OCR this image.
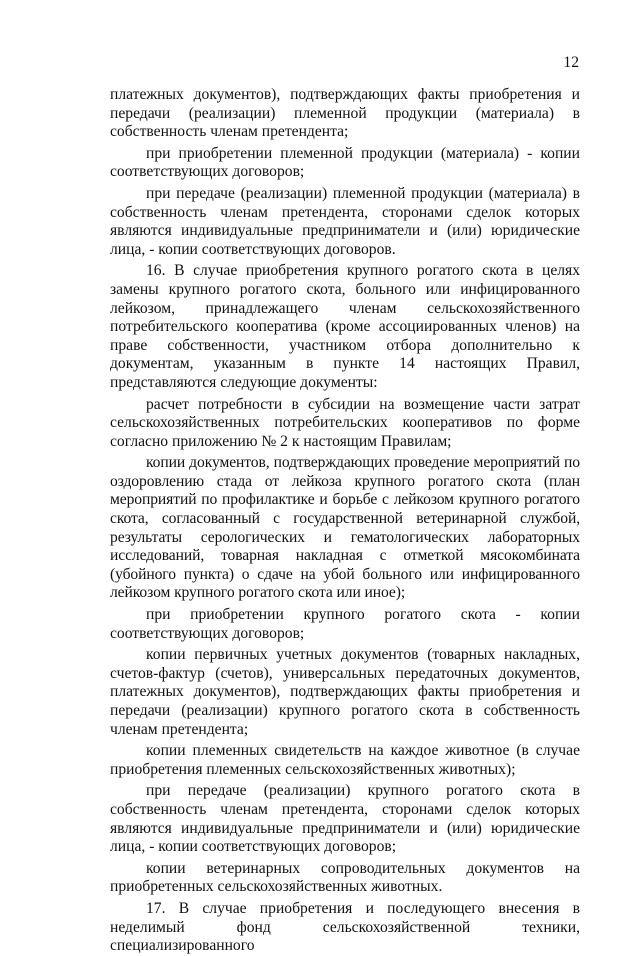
12

платежных документов), подтверждающих факты приобретения и передачи (реализации) племенной продукции (материала) в собственность членам претендента;

при приобретении племенной продукции (материала) - копии соответствующих договоров;

при передаче (реализации) племенной продукции (материала) в собственность членам претендента, сторонами сделок которых являются индивидуальные предприниматели и (или) юридические лица, - копии соответствующих договоров.

16. В случае приобретения крупного рогатого скота в целях замены крупного рогатого скота, больного или инфицированного лейкозом, принадлежащего членам сельскохозяйственного потребительского кооператива (кроме ассоциированных членов) на праве собственности, участником отбора дополнительно к документам, указанным в пункте 14 настоящих Правил, представляются следующие документы:

расчет потребности в субсидии на возмещение части затрат сельскохозяйственных потребительских кооперативов по форме согласно приложению № 2 к настоящим Правилам;

копии документов, подтверждающих проведение мероприятий по оздоровлению стада от лейкоза крупного рогатого скота (план мероприятий по профилактике и борьбе с лейкозом крупного рогатого скота, согласованный с государственной ветеринарной службой, результаты серологических и гематологических лабораторных исследований, товарная накладная с отметкой мясокомбината (убойного пункта) о сдаче на убой больного или инфицированного лейкозом крупного рогатого скота или иное);

при приобретении крупного рогатого скота - копии соответствующих договоров;

копии первичных учетных документов (товарных накладных, счетов-фактур (счетов), универсальных передаточных документов, платежных документов), подтверждающих факты приобретения и передачи (реализации) крупного рогатого скота в собственность членам претендента;

копии племенных свидетельств на каждое животное (в случае приобретения племенных сельскохозяйственных животных);

при передаче (реализации) крупного рогатого скота в собственность членам претендента, сторонами сделок которых являются индивидуальные предприниматели и (или) юридические лица, - копии соответствующих договоров;

копии ветеринарных сопроводительных документов на приобретенных сельскохозяйственных животных.

17. В случае приобретения и последующего внесения в неделимый фонд сельскохозяйственной техники, специализированного
